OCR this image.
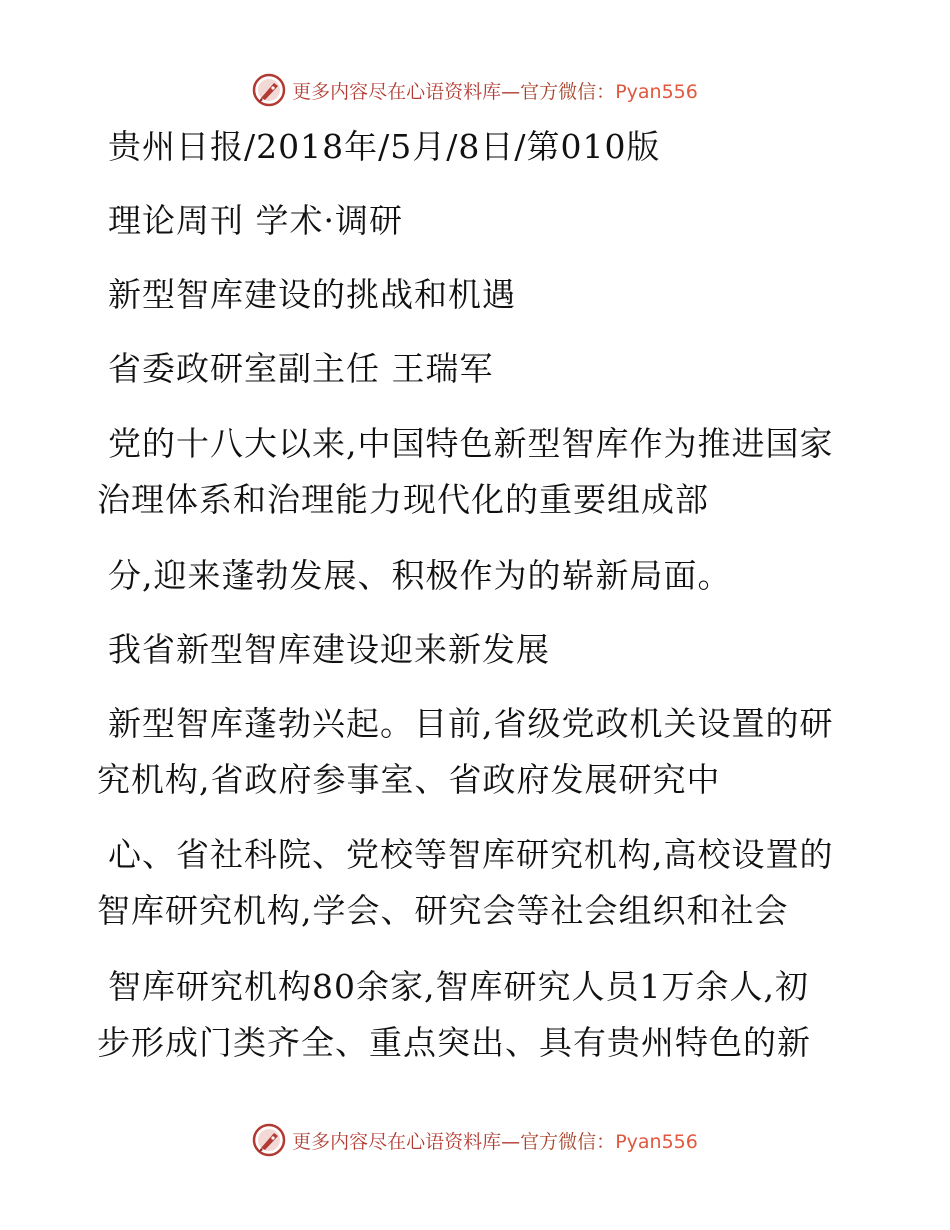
更多内容尽在心语资料库—官方微信：Pyan556
贵州日报/2018年/5月/8日/第010版
理论周刊 学术·调研
新型智库建设的挑战和机遇
省委政研室副主任 王瑞军
党的十八大以来,中国特色新型智库作为推进国家
治理体系和治理能力现代化的重要组成部
分,迎来蓬勃发展、积极作为的崭新局面。
我省新型智库建设迎来新发展
新型智库蓬勃兴起。目前,省级党政机关设置的研
究机构,省政府参事室、省政府发展研究中
心、省社科院、党校等智库研究机构,高校设置的
智库研究机构,学会、研究会等社会组织和社会
智库研究机构80余家,智库研究人员1万余人,初
步形成门类齐全、重点突出、具有贵州特色的新
更多内容尽在心语资料库—官方微信：Pyan556
